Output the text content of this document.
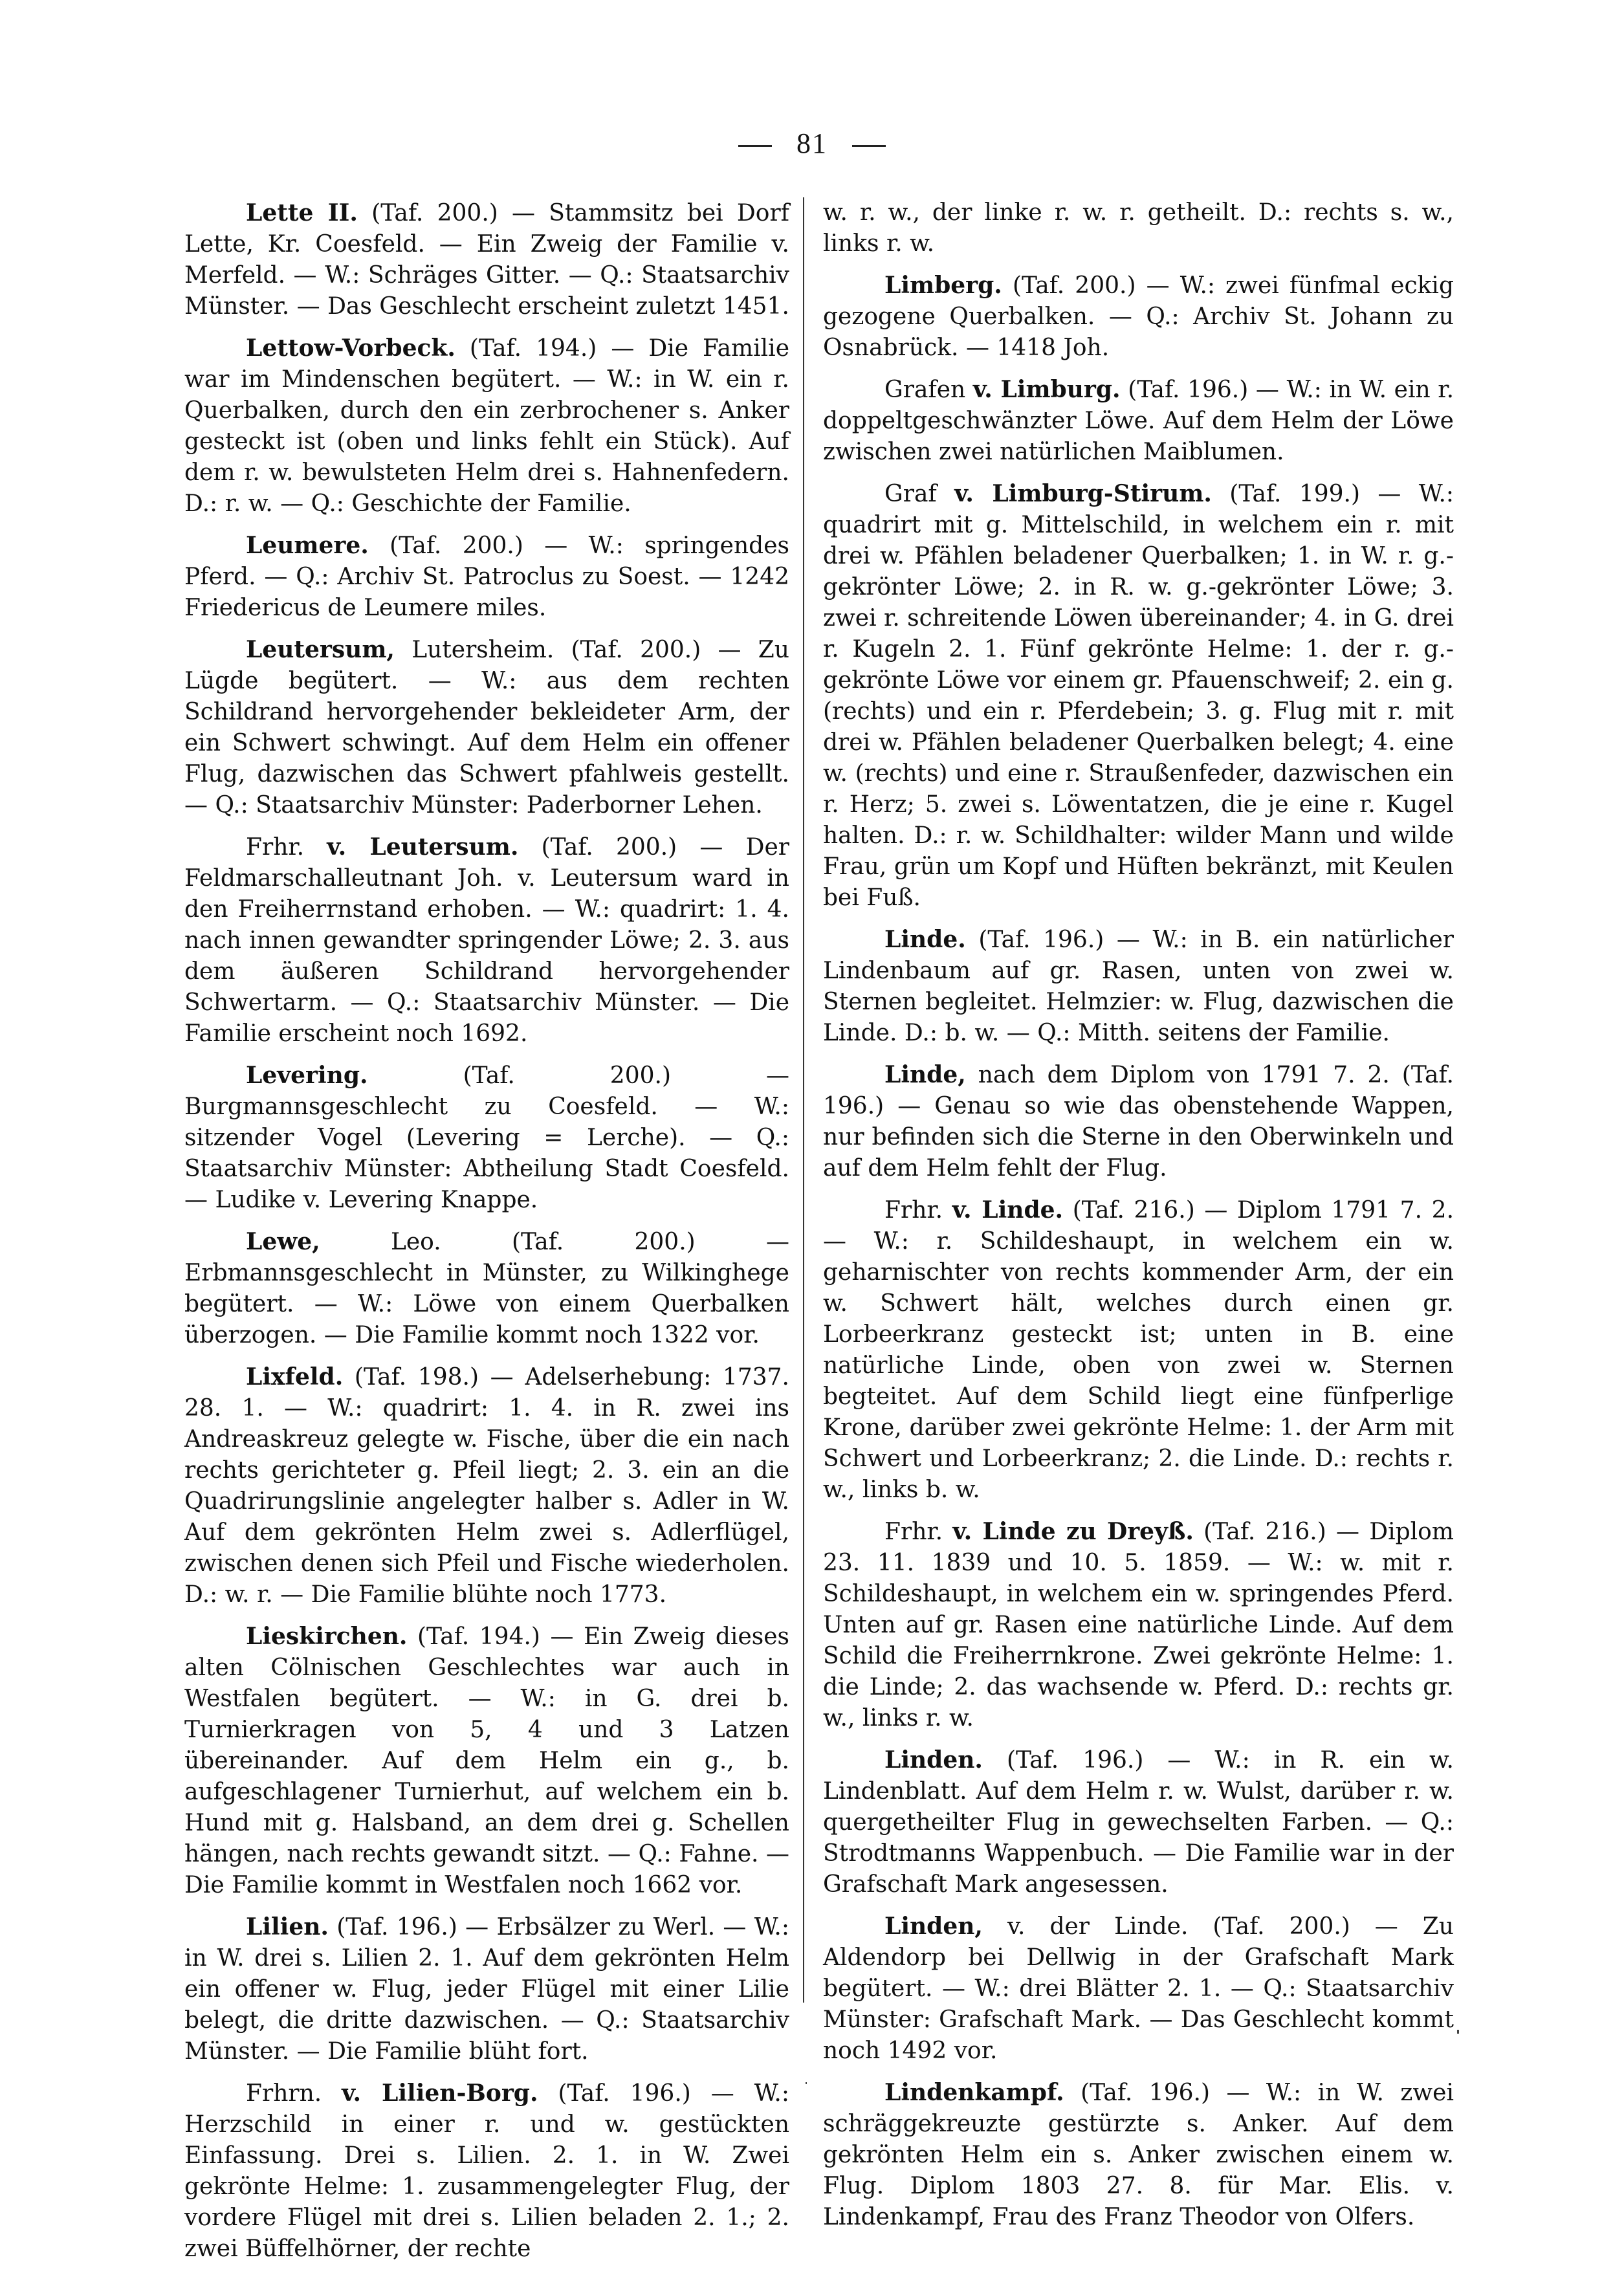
81

Lette II. (Taf. 200.) — Stammsitz bei Dorf Lette, Kr. Coesfeld. — Ein Zweig der Familie v. Merfeld. — W.: Schräges Gitter. — Q.: Staatsarchiv Münster. — Das Geschlecht erscheint zuletzt 1451.

Lettow-Vorbeck. (Taf. 194.) — Die Familie war im Mindenschen begütert. — W.: in W. ein r. Querbalken, durch den ein zerbrochener s. Anker gesteckt ist (oben und links fehlt ein Stück). Auf dem r. w. bewulsteten Helm drei s. Hahnenfedern. D.: r. w. — Q.: Geschichte der Familie.

Leumere. (Taf. 200.) — W.: springendes Pferd. — Q.: Archiv St. Patroclus zu Soest. — 1242 Friedericus de Leumere miles.

Leutersum, Lutersheim. (Taf. 200.) — Zu Lügde begütert. — W.: aus dem rechten Schildrand hervorgehender bekleideter Arm, der ein Schwert schwingt. Auf dem Helm ein offener Flug, dazwischen das Schwert pfahlweis gestellt. — Q.: Staatsarchiv Münster: Paderborner Lehen.

Frhr. v. Leutersum. (Taf. 200.) — Der Feldmarschalleutnant Joh. v. Leutersum ward in den Freiherrnstand erhoben. — W.: quadrirt: 1. 4. nach innen gewandter springender Löwe; 2. 3. aus dem äußeren Schildrand hervorgehender Schwertarm. — Q.: Staatsarchiv Münster. — Die Familie erscheint noch 1692.

Levering. (Taf. 200.) — Burgmannsgeschlecht zu Coesfeld. — W.: sitzender Vogel (Levering = Lerche). — Q.: Staatsarchiv Münster: Abtheilung Stadt Coesfeld. — Ludike v. Levering Knappe.

Lewe, Leo. (Taf. 200.) — Erbmannsgeschlecht in Münster, zu Wilkinghege begütert. — W.: Löwe von einem Querbalken überzogen. — Die Familie kommt noch 1322 vor.

Lixfeld. (Taf. 198.) — Adelserhebung: 1737. 28. 1. — W.: quadrirt: 1. 4. in R. zwei ins Andreaskreuz gelegte w. Fische, über die ein nach rechts gerichteter g. Pfeil liegt; 2. 3. ein an die Quadrirungslinie angelegter halber s. Adler in W. Auf dem gekrönten Helm zwei s. Adlerflügel, zwischen denen sich Pfeil und Fische wiederholen. D.: w. r. — Die Familie blühte noch 1773.

Lieskirchen. (Taf. 194.) — Ein Zweig dieses alten Cölnischen Geschlechtes war auch in Westfalen begütert. — W.: in G. drei b. Turnierkragen von 5, 4 und 3 Latzen übereinander. Auf dem Helm ein g., b. aufgeschlagener Turnierhut, auf welchem ein b. Hund mit g. Halsband, an dem drei g. Schellen hängen, nach rechts gewandt sitzt. — Q.: Fahne. — Die Familie kommt in Westfalen noch 1662 vor.

Lilien. (Taf. 196.) — Erbsälzer zu Werl. — W.: in W. drei s. Lilien 2. 1. Auf dem gekrönten Helm ein offener w. Flug, jeder Flügel mit einer Lilie belegt, die dritte dazwischen. — Q.: Staatsarchiv Münster. — Die Familie blüht fort.

Frhrn. v. Lilien-Borg. (Taf. 196.) — W.: Herzschild in einer r. und w. gestückten Einfassung. Drei s. Lilien. 2. 1. in W. Zwei gekrönte Helme: 1. zusammengelegter Flug, der vordere Flügel mit drei s. Lilien beladen 2. 1.; 2. zwei Büffelhörner, der rechte

w. r. w., der linke r. w. r. getheilt. D.: rechts s. w., links r. w.

Limberg. (Taf. 200.) — W.: zwei fünfmal eckig gezogene Querbalken. — Q.: Archiv St. Johann zu Osnabrück. — 1418 Joh.

Grafen v. Limburg. (Taf. 196.) — W.: in W. ein r. doppeltgeschwänzter Löwe. Auf dem Helm der Löwe zwischen zwei natürlichen Maiblumen.

Graf v. Limburg-Stirum. (Taf. 199.) — W.: quadrirt mit g. Mittelschild, in welchem ein r. mit drei w. Pfählen beladener Querbalken; 1. in W. r. g.-gekrönter Löwe; 2. in R. w. g.-gekrönter Löwe; 3. zwei r. schreitende Löwen übereinander; 4. in G. drei r. Kugeln 2. 1. Fünf gekrönte Helme: 1. der r. g.-gekrönte Löwe vor einem gr. Pfauenschweif; 2. ein g. (rechts) und ein r. Pferdebein; 3. g. Flug mit r. mit drei w. Pfählen beladener Querbalken belegt; 4. eine w. (rechts) und eine r. Straußenfeder, dazwischen ein r. Herz; 5. zwei s. Löwentatzen, die je eine r. Kugel halten. D.: r. w. Schildhalter: wilder Mann und wilde Frau, grün um Kopf und Hüften bekränzt, mit Keulen bei Fuß.

Linde. (Taf. 196.) — W.: in B. ein natürlicher Lindenbaum auf gr. Rasen, unten von zwei w. Sternen begleitet. Helmzier: w. Flug, dazwischen die Linde. D.: b. w. — Q.: Mitth. seitens der Familie.

Linde, nach dem Diplom von 1791 7. 2. (Taf. 196.) — Genau so wie das obenstehende Wappen, nur befinden sich die Sterne in den Oberwinkeln und auf dem Helm fehlt der Flug.

Frhr. v. Linde. (Taf. 216.) — Diplom 1791 7. 2. — W.: r. Schildeshaupt, in welchem ein w. geharnischter von rechts kommender Arm, der ein w. Schwert hält, welches durch einen gr. Lorbeerkranz gesteckt ist; unten in B. eine natürliche Linde, oben von zwei w. Sternen begteitet. Auf dem Schild liegt eine fünfperlige Krone, darüber zwei gekrönte Helme: 1. der Arm mit Schwert und Lorbeerkranz; 2. die Linde. D.: rechts r. w., links b. w.

Frhr. v. Linde zu Dreyß. (Taf. 216.) — Diplom 23. 11. 1839 und 10. 5. 1859. — W.: w. mit r. Schildeshaupt, in welchem ein w. springendes Pferd. Unten auf gr. Rasen eine natürliche Linde. Auf dem Schild die Freiherrnkrone. Zwei gekrönte Helme: 1. die Linde; 2. das wachsende w. Pferd. D.: rechts gr. w., links r. w.

Linden. (Taf. 196.) — W.: in R. ein w. Lindenblatt. Auf dem Helm r. w. Wulst, darüber r. w. quergetheilter Flug in gewechselten Farben. — Q.: Strodtmanns Wappenbuch. — Die Familie war in der Grafschaft Mark angesessen.

Linden, v. der Linde. (Taf. 200.) — Zu Aldendorp bei Dellwig in der Grafschaft Mark begütert. — W.: drei Blätter 2. 1. — Q.: Staatsarchiv Münster: Grafschaft Mark. — Das Geschlecht kommt noch 1492 vor.

Lindenkampf. (Taf. 196.) — W.: in W. zwei schräggekreuzte gestürzte s. Anker. Auf dem gekrönten Helm ein s. Anker zwischen einem w. Flug. Diplom 1803 27. 8. für Mar. Elis. v. Lindenkampf, Frau des Franz Theodor von Olfers.
